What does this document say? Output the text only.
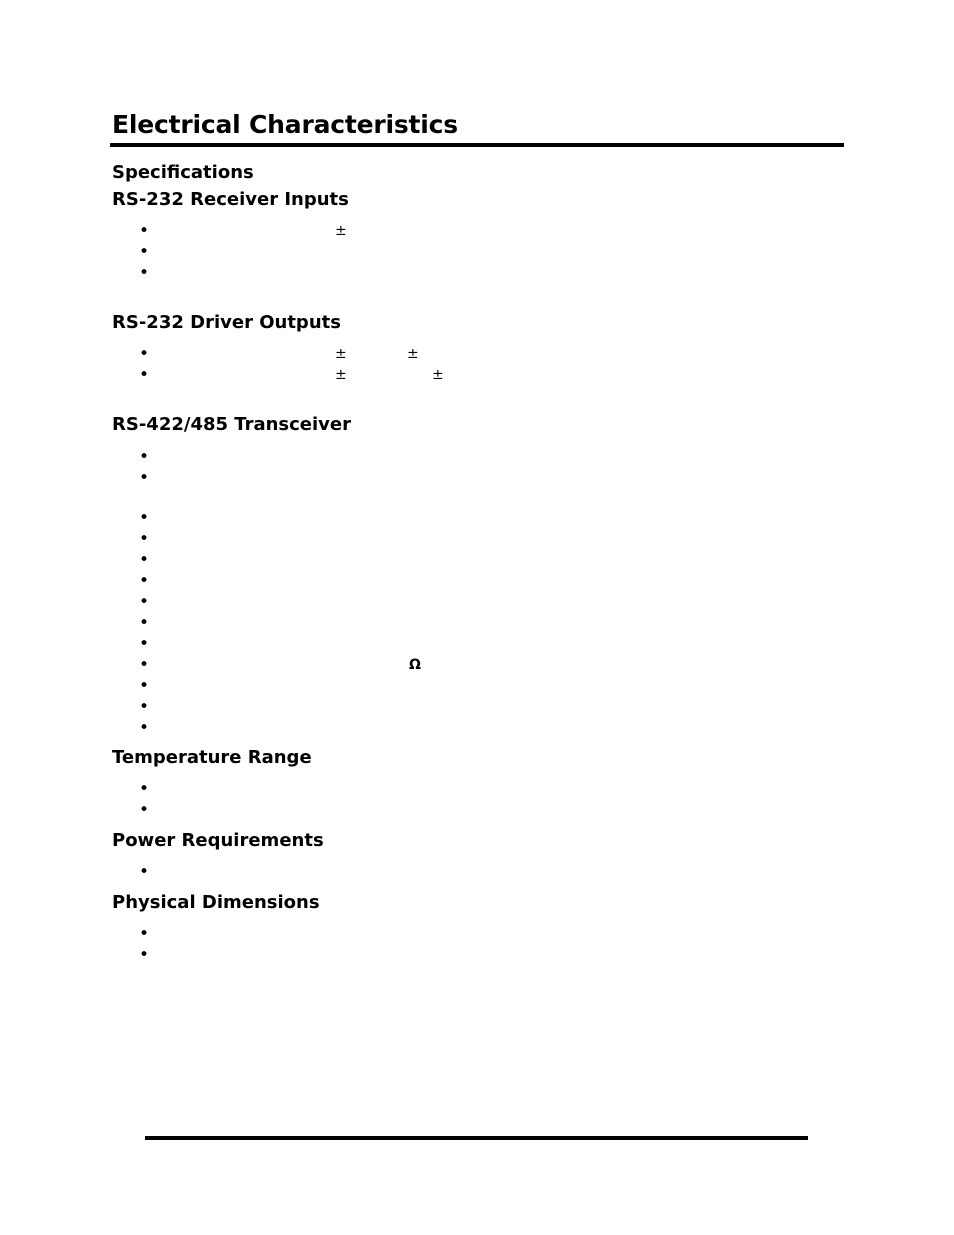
Electrical Characteristics
Specifications
RS-232 Receiver Inputs
•
±
•
•
RS-232 Driver Outputs
•
±	±
•
±	±
RS-422/485 Transceiver
•
•
•
•
•
•
•
•
•
•
Ω
•
•
•
Temperature Range
•
•
Power Requirements
•
Physical Dimensions
•
•
